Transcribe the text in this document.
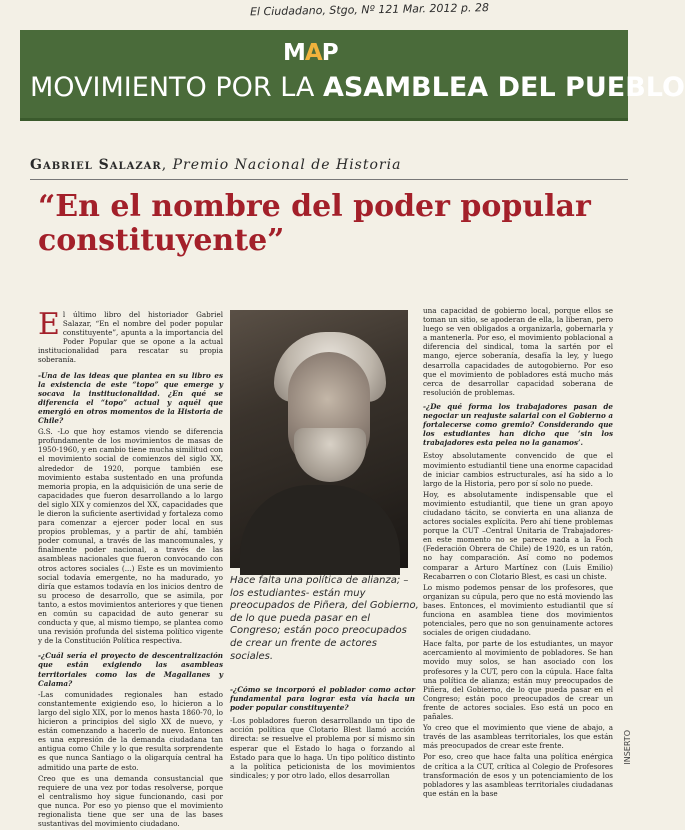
El Ciudadano, Stgo, Nº 121 Mar. 2012 p. 28
MAP
MOVIMIENTO POR LA ASAMBLEA DEL PUEBLO
Gabriel Salazar, Premio Nacional de Historia
“En el nombre del poder popular constituyente”

El último libro del historiador Gabriel Salazar, “En el nombre del poder popular constituyente”, apunta a la importancia del Poder Popular que se opone a la actual institucionalidad para rescatar su propia soberanía.

-Una de las ideas que plantea en su libro es la existencia de este “topo” que emerge y socava la institucionalidad. ¿En qué se diferencia el “topo” actual y aquél que emergió en otros momentos de la Historia de Chile?

G.S. -Lo que hoy estamos viendo se diferencia profundamente de los movimientos de masas de 1950-1960, y en cambio tiene mucha similitud con el movimiento social de comienzos del siglo XX, alrededor de 1920, porque también ese movimiento estaba sustentado en una profunda memoria propia, en la adquisición de una serie de capacidades que fueron desarrollando a lo largo del siglo XIX y comienzos del XX, capacidades que le dieron la suficiente asertividad y fortaleza como para comenzar a ejercer poder local en sus propios problemas, y a partir de ahí, también poder comunal, a través de las mancomunales, y finalmente poder nacional, a través de las asambleas nacionales que fueron convocando con otros actores sociales (...) Este es un movimiento social todavía emergente, no ha madurado, yo diría que estamos todavía en los inicios dentro de su proceso de desarrollo, que se asimila, por tanto, a estos movimientos anteriores y que tienen en común su capacidad de auto generar su conducta y que, al mismo tiempo, se plantea como una revisión profunda del sistema político vigente y de la Constitución Política respectiva.

-¿Cuál sería el proyecto de descentralización que están exigiendo las asambleas territoriales como las de Magallanes y Calama?

-Las comunidades regionales han estado constantemente exigiendo eso, lo hicieron a lo largo del siglo XIX, por lo menos hasta 1860-70, lo hicieron a principios del siglo XX de nuevo, y están comenzando a hacerlo de nuevo. Entonces es una expresión de la demanda ciudadana tan antigua como Chile y lo que resulta sorprendente es que nunca Santiago o la oligarquía central ha admitido una parte de esto.

Creo que es una demanda consustancial que requiere de una vez por todas resolverse, porque el centralismo hoy sigue funcionando, casi por que nunca. Por eso yo pienso que el movimiento regionalista tiene que ser una de las bases sustantivas del movimiento ciudadano.

Hace falta una política de alianza; –los estudiantes- están muy preocupados de Piñera, del Gobierno, de lo que pueda pasar en el Congreso; están poco preocupados de crear un frente de actores sociales.

-¿Cómo se incorporó el poblador como actor fundamental para lograr esta vía hacia un poder popular constituyente?

-Los pobladores fueron desarrollando un tipo de acción política que Clotario Blest llamó acción directa: se resuelve el problema por sí mismo sin esperar que el Estado lo haga o forzando al Estado para que lo haga. Un tipo político distinto a la política peticionista de los movimientos sindicales; y por otro lado, ellos desarrollan

una capacidad de gobierno local, porque ellos se toman un sitio, se apoderan de ella, la liberan, pero luego se ven obligados a organizarla, gobernarla y a mantenerla. Por eso, el movimiento poblacional a diferencia del sindical, toma la sartén por el mango, ejerce soberanía, desafía la ley, y luego desarrolla capacidades de autogobierno. Por eso que el movimiento de pobladores está mucho más cerca de desarrollar capacidad soberana de resolución de problemas.

-¿De qué forma los trabajadores pasan de negociar un reajuste salarial con el Gobierno a fortalecerse como gremio? Considerando que los estudiantes han dicho que ‘sin los trabajadores esta pelea no la ganamos’.

Estoy absolutamente convencido de que el movimiento estudiantil tiene una enorme capacidad de iniciar cambios estructurales, así ha sido a lo largo de la Historia, pero por sí solo no puede.

Hoy, es absolutamente indispensable que el movimiento estudiantil, que tiene un gran apoyo ciudadano tácito, se convierta en una alianza de actores sociales explícita. Pero ahí tiene problemas porque la CUT –Central Unitaria de Trabajadores- en este momento no se parece nada a la Foch (Federación Obrera de Chile) de 1920, es un ratón, no hay comparación. Así como no podemos comparar a Arturo Martínez con (Luis Emilio) Recabarren o con Clotario Blest, es casi un chiste.

Lo mismo podemos pensar de los profesores, que organizan su cúpula, pero que no está moviendo las bases. Entonces, el movimiento estudiantil que sí funciona en asamblea tiene dos movimientos potenciales, pero que no son genuinamente actores sociales de origen ciudadano.

Hace falta, por parte de los estudiantes, un mayor acercamiento al movimiento de pobladores. Se han movido muy solos, se han asociado con los profesores y la CUT, pero con la cúpula. Hace falta una política de alianza; están muy preocupados de Piñera, del Gobierno, de lo que pueda pasar en el Congreso; están poco preocupados de crear un frente de actores sociales. Eso está un poco en pañales.

Yo creo que el movimiento que viene de abajo, a través de las asambleas territoriales, los que están más preocupados de crear este frente.

Por eso, creo que hace falta una política enérgica de crítica a la CUT, crítica al Colegio de Profesores transformación de esos y un potenciamiento de los pobladores y las asambleas territoriales ciudadanas que están en la base

INSERTO
